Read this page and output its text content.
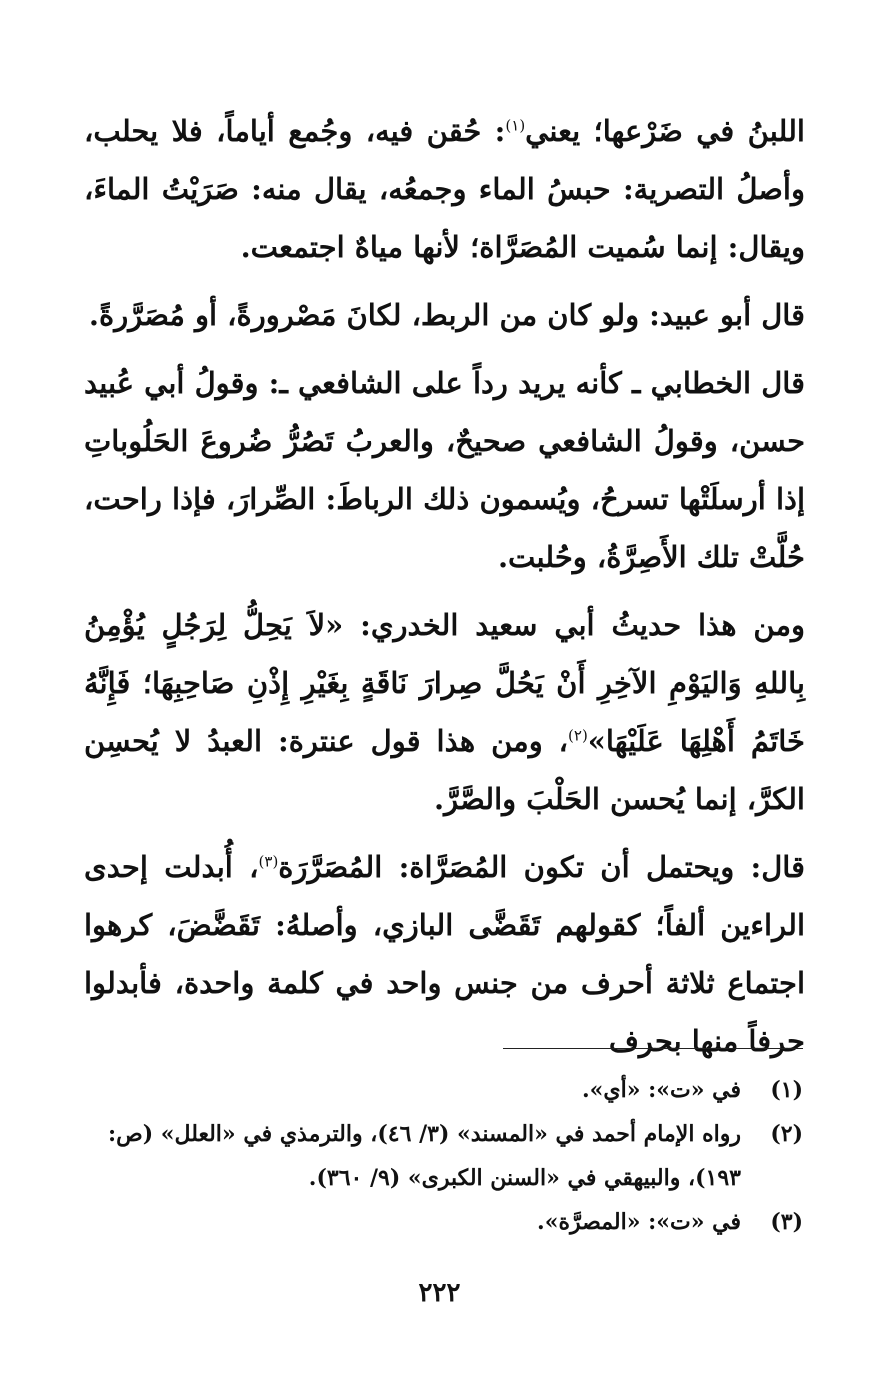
اللبنُ في ضَرْعها؛ يعني$^{(١)}$: حُقن فيه، وجُمع أياماً، فلا يحلب، وأصلُ التصرية: حبسُ الماء وجمعُه، يقال منه: صَرَيْتُ الماءَ، ويقال: إنما سُميت المُصَرَّاة؛ لأنها مياهٌ اجتمعت.

قال أبو عبيد: ولو كان من الربط، لكانَ مَصْرورةً، أو مُصَرَّرةً.

قال الخطابي ـ كأنه يريد رداً على الشافعي ـ: وقولُ أبي عُبيد حسن، وقولُ الشافعي صحيحٌ، والعربُ تَصُرُّ ضُروعَ الحَلُوباتِ إذا أرسلَتْها تسرحُ، ويُسمون ذلك الرباطَ: الصِّرارَ، فإذا راحت، حُلَّتْ تلك الأَصِرَّةُ، وحُلبت.

ومن هذا حديثُ أبي سعيد الخدري: «لاَ يَحِلُّ لِرَجُلٍ يُؤْمِنُ بِاللهِ وَاليَوْمِ الآخِرِ أَنْ يَحُلَّ صِرارَ نَاقَةٍ بِغَيْرِ إِذْنِ صَاحِبِهَا؛ فَإِنَّهُ خَاتَمُ أَهْلِهَا عَلَيْهَا»$^{(٢)}$، ومن هذا قول عنترة: العبدُ لا يُحسِن الكرَّ، إنما يُحسن الحَلْبَ والصَّرَّ.

قال: ويحتمل أن تكون المُصَرَّاة: المُصَرَّرَة$^{(٣)}$، أُبدلت إحدى الراءين ألفاً؛ كقولهم تَقَضَّى البازي، وأصلهُ: تَقَضَّضَ، كرهوا اجتماع ثلاثة أحرف من جنس واحد في كلمة واحدة، فأبدلوا حرفاً منها بحرف

(١)
في «ت»: «أي».
(٢)
رواه الإمام أحمد في «المسند» (٣/ ٤٦)، والترمذي في «العلل» (ص: ١٩٣)، والبيهقي في «السنن الكبرى» (٩/ ٣٦٠).
(٣)
في «ت»: «المصرَّة».
٢٢٢
